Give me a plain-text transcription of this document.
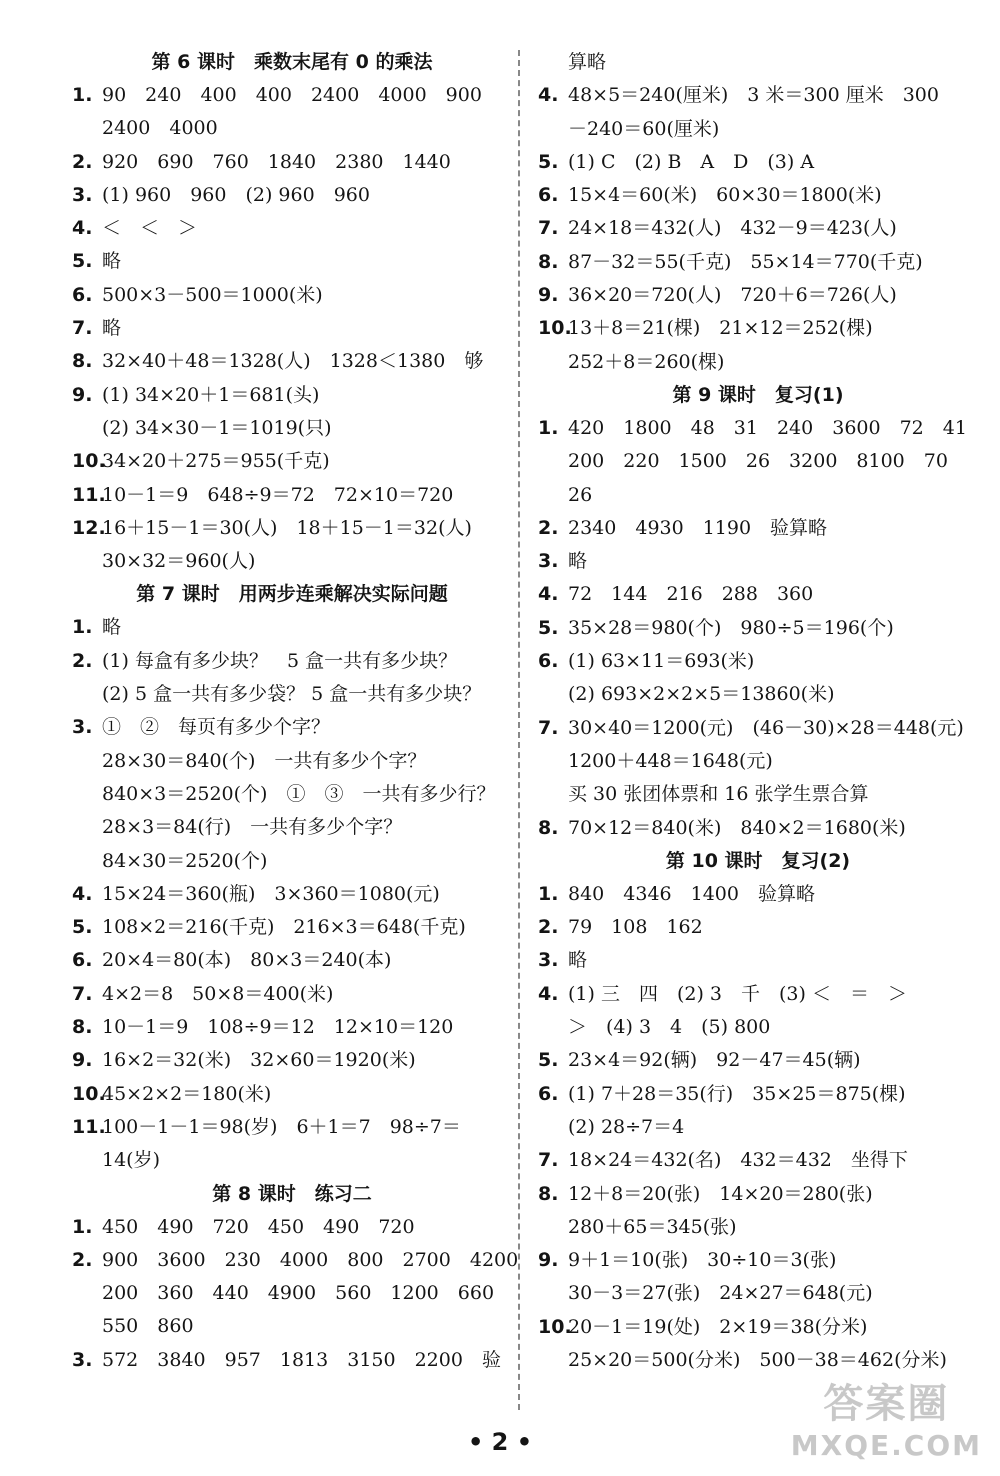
第 6 课时　乘数末尾有 0 的乘法
1. 90　240　400　400　2400　4000　900
2400　4000
2. 920　690　760　1840　2380　1440
3. (1) 960　960　(2) 960　960
4. ＜　＜　＞
5. 略
6. 500×3－500＝1000(米)
7. 略
8. 32×40＋48＝1328(人)　1328＜1380　够
9. (1) 34×20＋1＝681(头)
(2) 34×30－1＝1019(只)
10.34×20＋275＝955(千克)
11.10－1＝9　648÷9＝72　72×10＝720
12.16＋15－1＝30(人)　18＋15－1＝32(人)
30×32＝960(人)
第 7 课时　用两步连乘解决实际问题
1. 略
2. (1) 每盒有多少块？　5 盒一共有多少块？
(2) 5 盒一共有多少袋？ 5 盒一共有多少块？
3. ①　②　每页有多少个字？
28×30＝840(个)　一共有多少个字？
840×3＝2520(个)　①　③　一共有多少行？
28×3＝84(行)　一共有多少个字？
84×30＝2520(个)
4. 15×24＝360(瓶)　3×360＝1080(元)
5. 108×2＝216(千克)　216×3＝648(千克)
6. 20×4＝80(本)　80×3＝240(本)
7. 4×2＝8　50×8＝400(米)
8. 10－1＝9　108÷9＝12　12×10＝120
9. 16×2＝32(米)　32×60＝1920(米)
10.45×2×2＝180(米)
11.100－1－1＝98(岁)　6＋1＝7　98÷7＝
14(岁)
第 8 课时　练习二
1. 450　490　720　450　490　720
2. 900　3600　230　4000　800　2700　4200
200　360　440　4900　560　1200　660
550　860
3. 572　3840　957　1813　3150　2200　验
算略
4. 48×5＝240(厘米)　3 米＝300 厘米　300
－240＝60(厘米)
5. (1) C　(2) B　A　D　(3) A
6. 15×4＝60(米)　60×30＝1800(米)
7. 24×18＝432(人)　432－9＝423(人)
8. 87－32＝55(千克)　55×14＝770(千克)
9. 36×20＝720(人)　720＋6＝726(人)
10.13＋8＝21(棵)　21×12＝252(棵)
252＋8＝260(棵)
第 9 课时　复习(1)
1. 420　1800　48　31　240　3600　72　41
200　220　1500　26　3200　8100　70
26
2. 2340　4930　1190　验算略
3. 略
4. 72　144　216　288　360
5. 35×28＝980(个)　980÷5＝196(个)
6. (1) 63×11＝693(米)
(2) 693×2×2×5＝13860(米)
7. 30×40＝1200(元)　(46－30)×28＝448(元)
1200＋448＝1648(元)
买 30 张团体票和 16 张学生票合算
8. 70×12＝840(米)　840×2＝1680(米)
第 10 课时　复习(2)
1. 840　4346　1400　验算略
2. 79　108　162
3. 略
4. (1) 三　四　(2) 3　千　(3) ＜　＝　＞
＞　(4) 3　4　(5) 800
5. 23×4＝92(辆)　92－47＝45(辆)
6. (1) 7＋28＝35(行)　35×25＝875(棵)
(2) 28÷7＝4
7. 18×24＝432(名)　432＝432　坐得下
8. 12＋8＝20(张)　14×20＝280(张)
280＋65＝345(张)
9. 9＋1＝10(张)　30÷10＝3(张)
30－3＝27(张)　24×27＝648(元)
10.20－1＝19(处)　2×19＝38(分米)
25×20＝500(分米)　500－38＝462(分米)
• 2 •
答案圈
MXQE.COM
